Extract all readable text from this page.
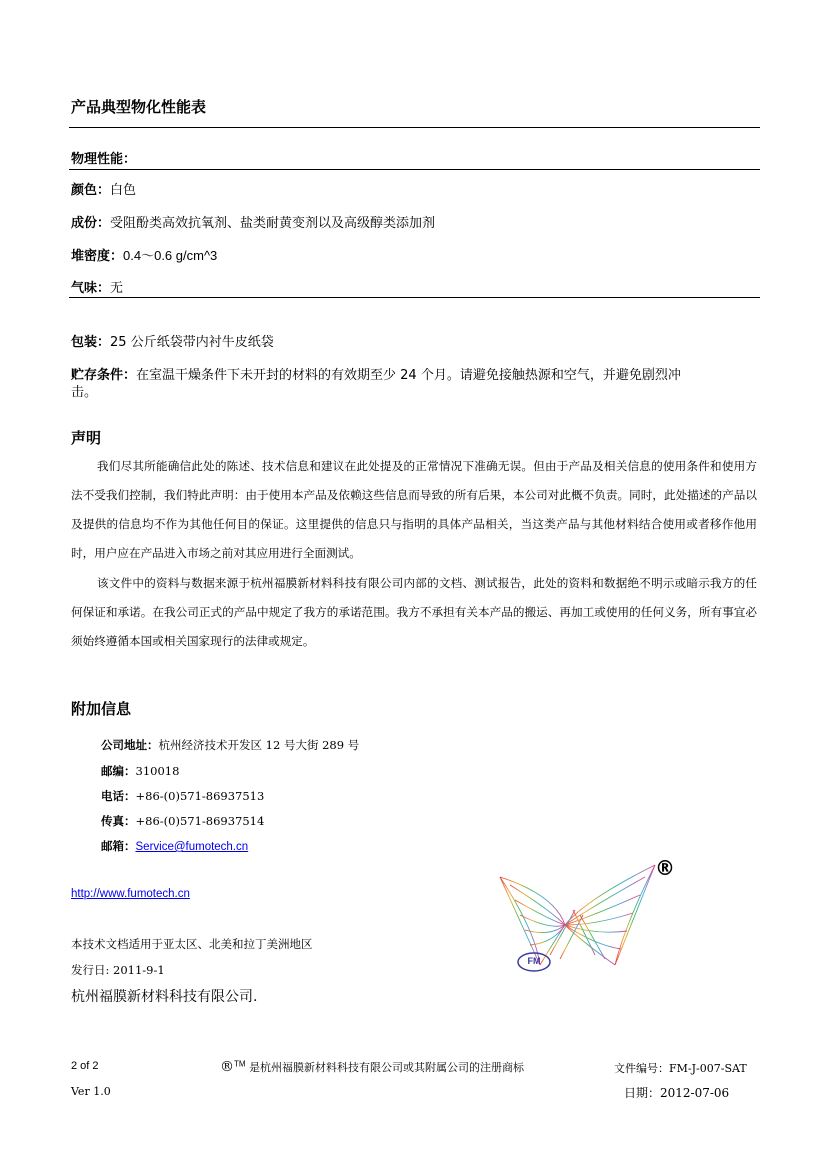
产品典型物化性能表
物理性能：
颜色：白色
成份：受阻酚类高效抗氧剂、盐类耐黄变剂以及高级醇类添加剂
堆密度：0.4～0.6 g/cm^3
气味：无
包装：25 公斤纸袋带内衬牛皮纸袋
贮存条件：在室温干燥条件下未开封的材料的有效期至少 24 个月。请避免接触热源和空气，并避免剧烈冲
击。
声明
我们尽其所能确信此处的陈述、技术信息和建议在此处提及的正常情况下准确无误。但由于产品及相关信息的使用条件和使用方法不受我们控制，我们特此声明：由于使用本产品及依赖这些信息而导致的所有后果，本公司对此概不负责。同时，此处描述的产品以及提供的信息均不作为其他任何目的保证。这里提供的信息只与指明的具体产品相关，当这类产品与其他材料结合使用或者移作他用时，用户应在产品进入市场之前对其应用进行全面测试。
该文件中的资料与数据来源于杭州福膜新材料科技有限公司内部的文档、测试报告，此处的资料和数据绝不明示或暗示我方的任何保证和承诺。在我公司正式的产品中规定了我方的承诺范围。我方不承担有关本产品的搬运、再加工或使用的任何义务，所有事宜必须始终遵循本国或相关国家现行的法律或规定。
附加信息
公司地址：杭州经济技术开发区 12 号大街 289 号
邮编：310018
电话：+86-(0)571-86937513
传真：+86-(0)571-86937514
邮箱：Service@fumotech.cn
http://www.fumotech.cn
本技术文档适用于亚太区、北美和拉丁美洲地区
发行日: 2011-9-1
杭州福膜新材料科技有限公司.
®
FM
2 of 2	®™ 是杭州福膜新材料科技有限公司或其附属公司的注册商标	文件编号：FM-J-007-SAT
Ver 1.0	日期：2012-07-06
